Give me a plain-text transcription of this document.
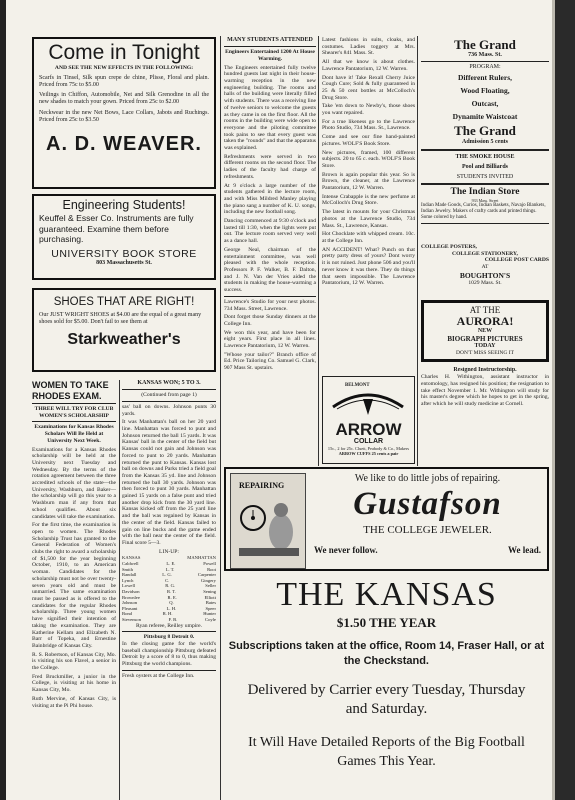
Come in Tonight
AND SEE THE NEW EFFECTS IN THE FOLLOWING:
Scarfs in Tinsel, Silk spun crepe de chine, Plisse, Floral and plain. Priced from 75c to $5.00
Veilings in Chiffon, Automobile, Net and Silk Grenodine in all the new shades to match your gown. Priced from 25c to $2.00
Neckwear in the new Net Bows, Lace Collars, Jabots and Ruchings. Priced from 25c to $3.50
A. D. WEAVER.
Engineering Students!
Keuffel & Esser Co. Instruments are fully guaranteed. Examine them before purchasing.
UNIVERSITY BOOK STORE
803 Massachusetts St.
SHOES THAT ARE RIGHT!
Our JUST WRIGHT SHOES at $4.00 are the equal of a great many shoes sold for $5.00. Don't fail to see them at
Starkweather's
WOMEN TO TAKE RHODES EXAM.
THREE WILL TRY FOR CLUB WOMEN'S SCHOLARSHIP
Examinations for Kansas Rhodes Scholars Will Be Held at University Next Week.

Examinations for a Kansas Rhodes scholarship will be held at the University next Tuesday and Wednesday. By the terms of the rotation agreement between the three accredited schools of the state—the University, Washburn, and Baker—the scholarship will go this year to a Washburn man if any from that school qualifies. About six candidates will take the examination.

For the first time, the examination is open to women. The Rhodes Scholarship Trust has granted to the General Federation of Women's clubs the right to award a scholarship of $1,500 for the year beginning October, 1910, to an American woman. Candidates for the scholarship must not be over twenty-seven years old and must be unmarried. The same examination must be passed as is offered to the candidates for the regular Rhodes scholarship. Three young women have signified their intention of taking the examination. They are Katherine Kellam and Elizabeth N. Barr of Topeka, and Ernestine Bainbridge of Kansas City.

R. S. Robertson, of Kansas City, Mo. is visiting his son Flavel, a senior in the College.

Fred Bruckmiller, a junior in the College, is visiting at his home in Kansas City, Mo.

Ruth Mervine, of Kansas City, is visiting at the Pi Phi house.

KANSAS WON; 5 TO 3.
(Continued from page 1)

sas' ball on downs. Johnson punts 30 yards.

It was Manhattan's ball on her 20 yard line. Manhattan was forced to punt and Johnson returned the ball 15 yards. It was Kansas' ball in the center of the field but Kansas could not gain and Johnson was forced to punt to 20 yards. Manhattan returned the punt to Kansas. Kansas lost ball on downs and Parks tried a field goal from the Kansas 35 yd. line and Johnson returned the ball 30 yards. Johnson was then forced to punt 30 yards. Manhattan gained 15 yards on a false punt and tried another drop kick from the 30 yard line. Kansas kicked off from the 25 yard line and the ball was regained by Kansas in the center of the field. Kansas failed to gain on line bucks and the game ended with the ball near the center of the field. Final score 5—3.

LIN-UP:
KANSAS	MANHATTAN
Caldwell	L. E.	Powell
Smith	L. T.	Root
Randall	L. G.	Carpenter
Lynch	C.	Gingery
Lowell	R. G.	Seller
Davidson	R. T.	Sening
Brownlee	R. E.	Elliott
Johnson	Q.	Bates
Pleasant	L. H.	Speer
Bond	R. H.	Hunter
Stevenson	F. B.	Coyle

Ryan referee, Reilley umpire.

Pittsburg 8 Detroit 0.

In the closing game for the world's baseball championship Pittsburg defeated Detroit by a score of 8 to 0, thus making Pittsburg the world champions.

Fresh oysters at the College Inn.

MANY STUDENTS ATTENDED
Engineers Entertained 1200 At House Warming.

The Engineers entertained fully twelve hundred guests last night in their house-warming reception in the new engineering building. The rooms and halls of the building were literally filled with students. There was a receiving line of twelve seniors to welcome the guests as they came in on the first floor. All the rooms in the building were wide open to everyone and the piloting committee took pains to see that every guest was taken the "rounds" and that the apparatus was explained.

Refreshments were served in two different rooms on the second floor. The ladies of the faculty had charge of refreshments.

At 9 o'clock a large number of the students gathered in the lecture room, and with Miss Mildred Manley playing the piano sang a number of K. U. songs, including the new football song.

Dancing commenced at 9:30 o'clock and lasted till 1:30, when the lights were put out. The lecture room served very well as a dance hall.

George Neal, chairman of the entertainment committee, was well pleased with the whole reception. Professors P. F. Walker, B. F. Dalton, and J. N. Van der Vries aided the students in making the house-warming a success.

Lawrence's Studio for your next photos. 734 Mass. Street, Lawrence.

Dont forget those Sunday dinners at the College Inn.

We won this year, and have been for eight years. First place in all lines. Lawrence Pantatorium, 12 W. Warren.

"Whose your tailor?" Branch office of Ed. Price Tailoring Co. Samuel G. Clark, 907 Mass St. upstairs.

Latest fashions in suits, cloaks, and costumes. Ladies toggery at Mrs. Shearer's 841 Mass. St.

All that we know is about clothes. Lawrence Pantatorium, 12 W. Warren.

Dont have it! Take Rexall Cherry Juice Cough Cure; Sold & fully guaranteed in 25 & 50 cent bottles at McColloch's Drug Store.

Take 'em down to Newby's, those shoes you want repaired.

For a true likeness go to the Lawrence Photo Studio, 734 Mass. St., Lawrence.

Come and see our fine hand-painted pictures. WOLF'S Book Store.

New pictures, framed, 100 different subjects. 20 to 65 c. each. WOLF'S Book Store.

Brown is again popular this year. So is Brown, the cleaner, at the Lawrence Pantatorium, 12 W. Warren.

Intense Crabapple is the new perfume at McColloch's Drug Store.

The latest in mounts for your Christmas photos at the Lawrence Studio, 734 Mass. St., Lawrence, Kansas.

Hot Chocklate with whipped cream. 10c. at the College Inn.

AN ACCIDENT! What? Punch on that pretty party dress of yours? Dont worry it is not ruined. Just phone 506 and you'll never know it was there. They do things that seem impossible. The Lawrence Pantatorium, 12 W. Warren.

BELMONT
ARROW
COLLAR
15c., 2 for 25c. Cluett, Peabody & Co., Makers
ARROW CUFFS 25 cents a pair
The Grand
736 Mass. St.
PROGRAM:
Different Rulers,
Wood Floating,
Outcast,
Dynamite Waistcoat
The Grand
Admission 5 cents
THE SMOKE HOUSE
Pool and Billiards
STUDENTS INVITED
The Indian Store
933 Mass. Street
Indian Made Goods, Curios, Indian Baskets, Navajo Blankets, Indian Jewelry. Makers of crafty cards and printed things. Some colored by hand.
COLLEGE POSTERS,
COLLEGE STATIONERY,
COLLEGE POST CARDS
AT
BOUGHTON'S
1029 Mass. St.
AT THE
AURORA!
NEW
BIOGRAPH PICTURES
TODAY
DON'T MISS SEEING IT
Resigned Instructorship.

Charles H. Withington, assistant instructor in entomology, has resigned his position; the resignation to take effect November 1. Mr. Withington will study for his master's degree which he hopes to get in the spring, after which he will study medicine at Cornell.

REPAIRING
We like to do little jobs of repairing.
Gustafson
THE COLLEGE JEWELER.
We never follow.	We lead.
THE KANSAS
$1.50 THE YEAR
Subscriptions taken at the office, Room 14, Fraser Hall, or at the Checkstand.
Delivered by Carrier every Tuesday, Thursday and Saturday.
It Will Have Detailed Reports of the Big Football Games This Year.
